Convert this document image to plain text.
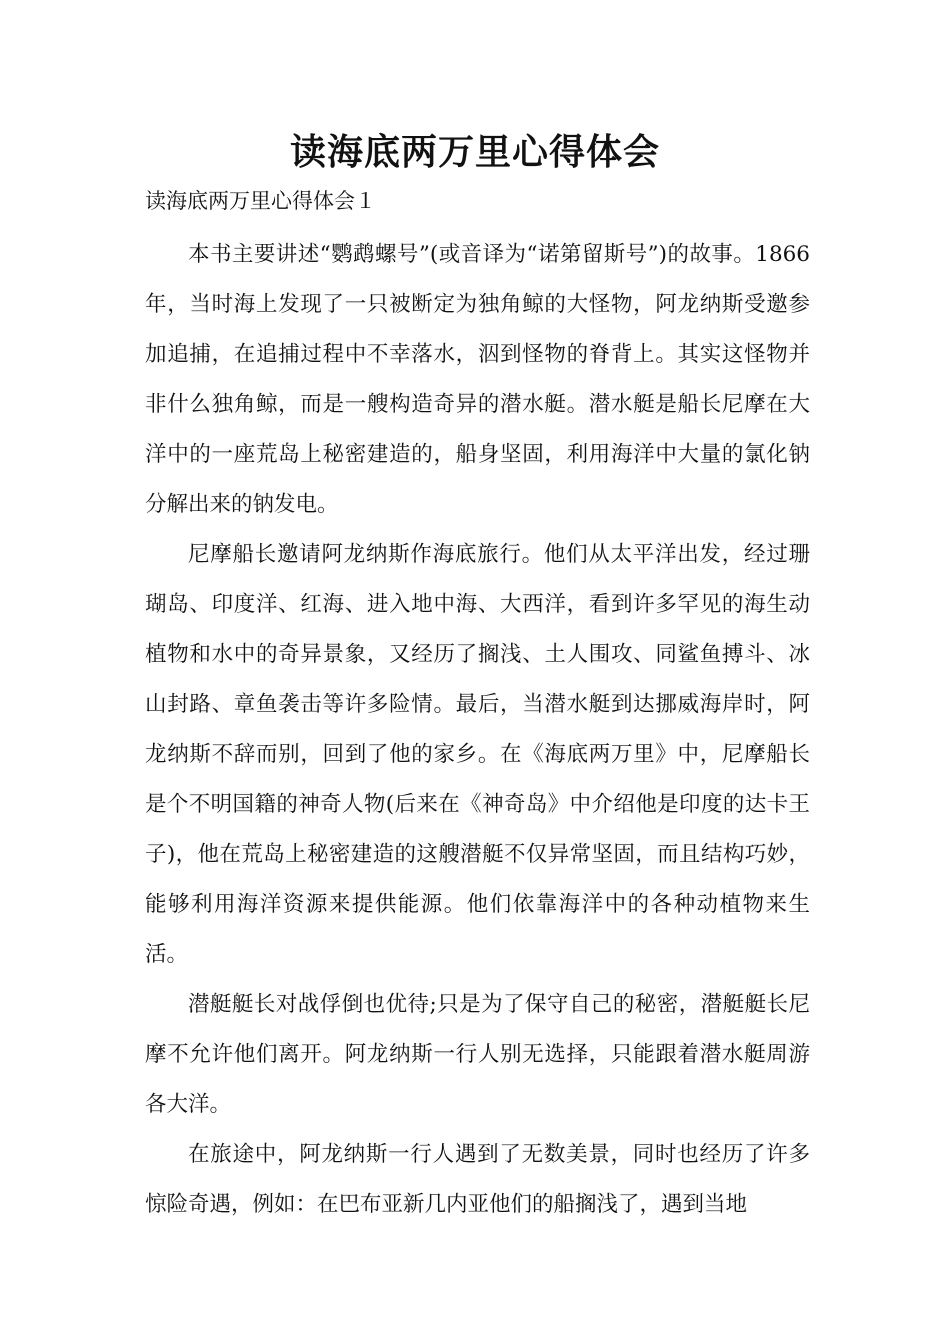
读海底两万里心得体会
读海底两万里心得体会１

本书主要讲述“鹦鹉螺号”(或音译为“诺第留斯号”)的故事。1866年，当时海上发现了一只被断定为独角鲸的大怪物，阿龙纳斯受邀参加追捕，在追捕过程中不幸落水，泅到怪物的脊背上。其实这怪物并非什么独角鲸，而是一艘构造奇异的潜水艇。潜水艇是船长尼摩在大洋中的一座荒岛上秘密建造的，船身坚固，利用海洋中大量的氯化钠分解出来的钠发电。

尼摩船长邀请阿龙纳斯作海底旅行。他们从太平洋出发，经过珊瑚岛、印度洋、红海、进入地中海、大西洋，看到许多罕见的海生动植物和水中的奇异景象，又经历了搁浅、土人围攻、同鲨鱼搏斗、冰山封路、章鱼袭击等许多险情。最后，当潜水艇到达挪威海岸时，阿龙纳斯不辞而别，回到了他的家乡。在《海底两万里》中，尼摩船长是个不明国籍的神奇人物(后来在《神奇岛》中介绍他是印度的达卡王子)，他在荒岛上秘密建造的这艘潜艇不仅异常坚固，而且结构巧妙，能够利用海洋资源来提供能源。他们依靠海洋中的各种动植物来生活。

潜艇艇长对战俘倒也优待;只是为了保守自己的秘密，潜艇艇长尼摩不允许他们离开。阿龙纳斯一行人别无选择，只能跟着潜水艇周游各大洋。

在旅途中，阿龙纳斯一行人遇到了无数美景，同时也经历了许多惊险奇遇，例如：在巴布亚新几内亚他们的船搁浅了，遇到当地
